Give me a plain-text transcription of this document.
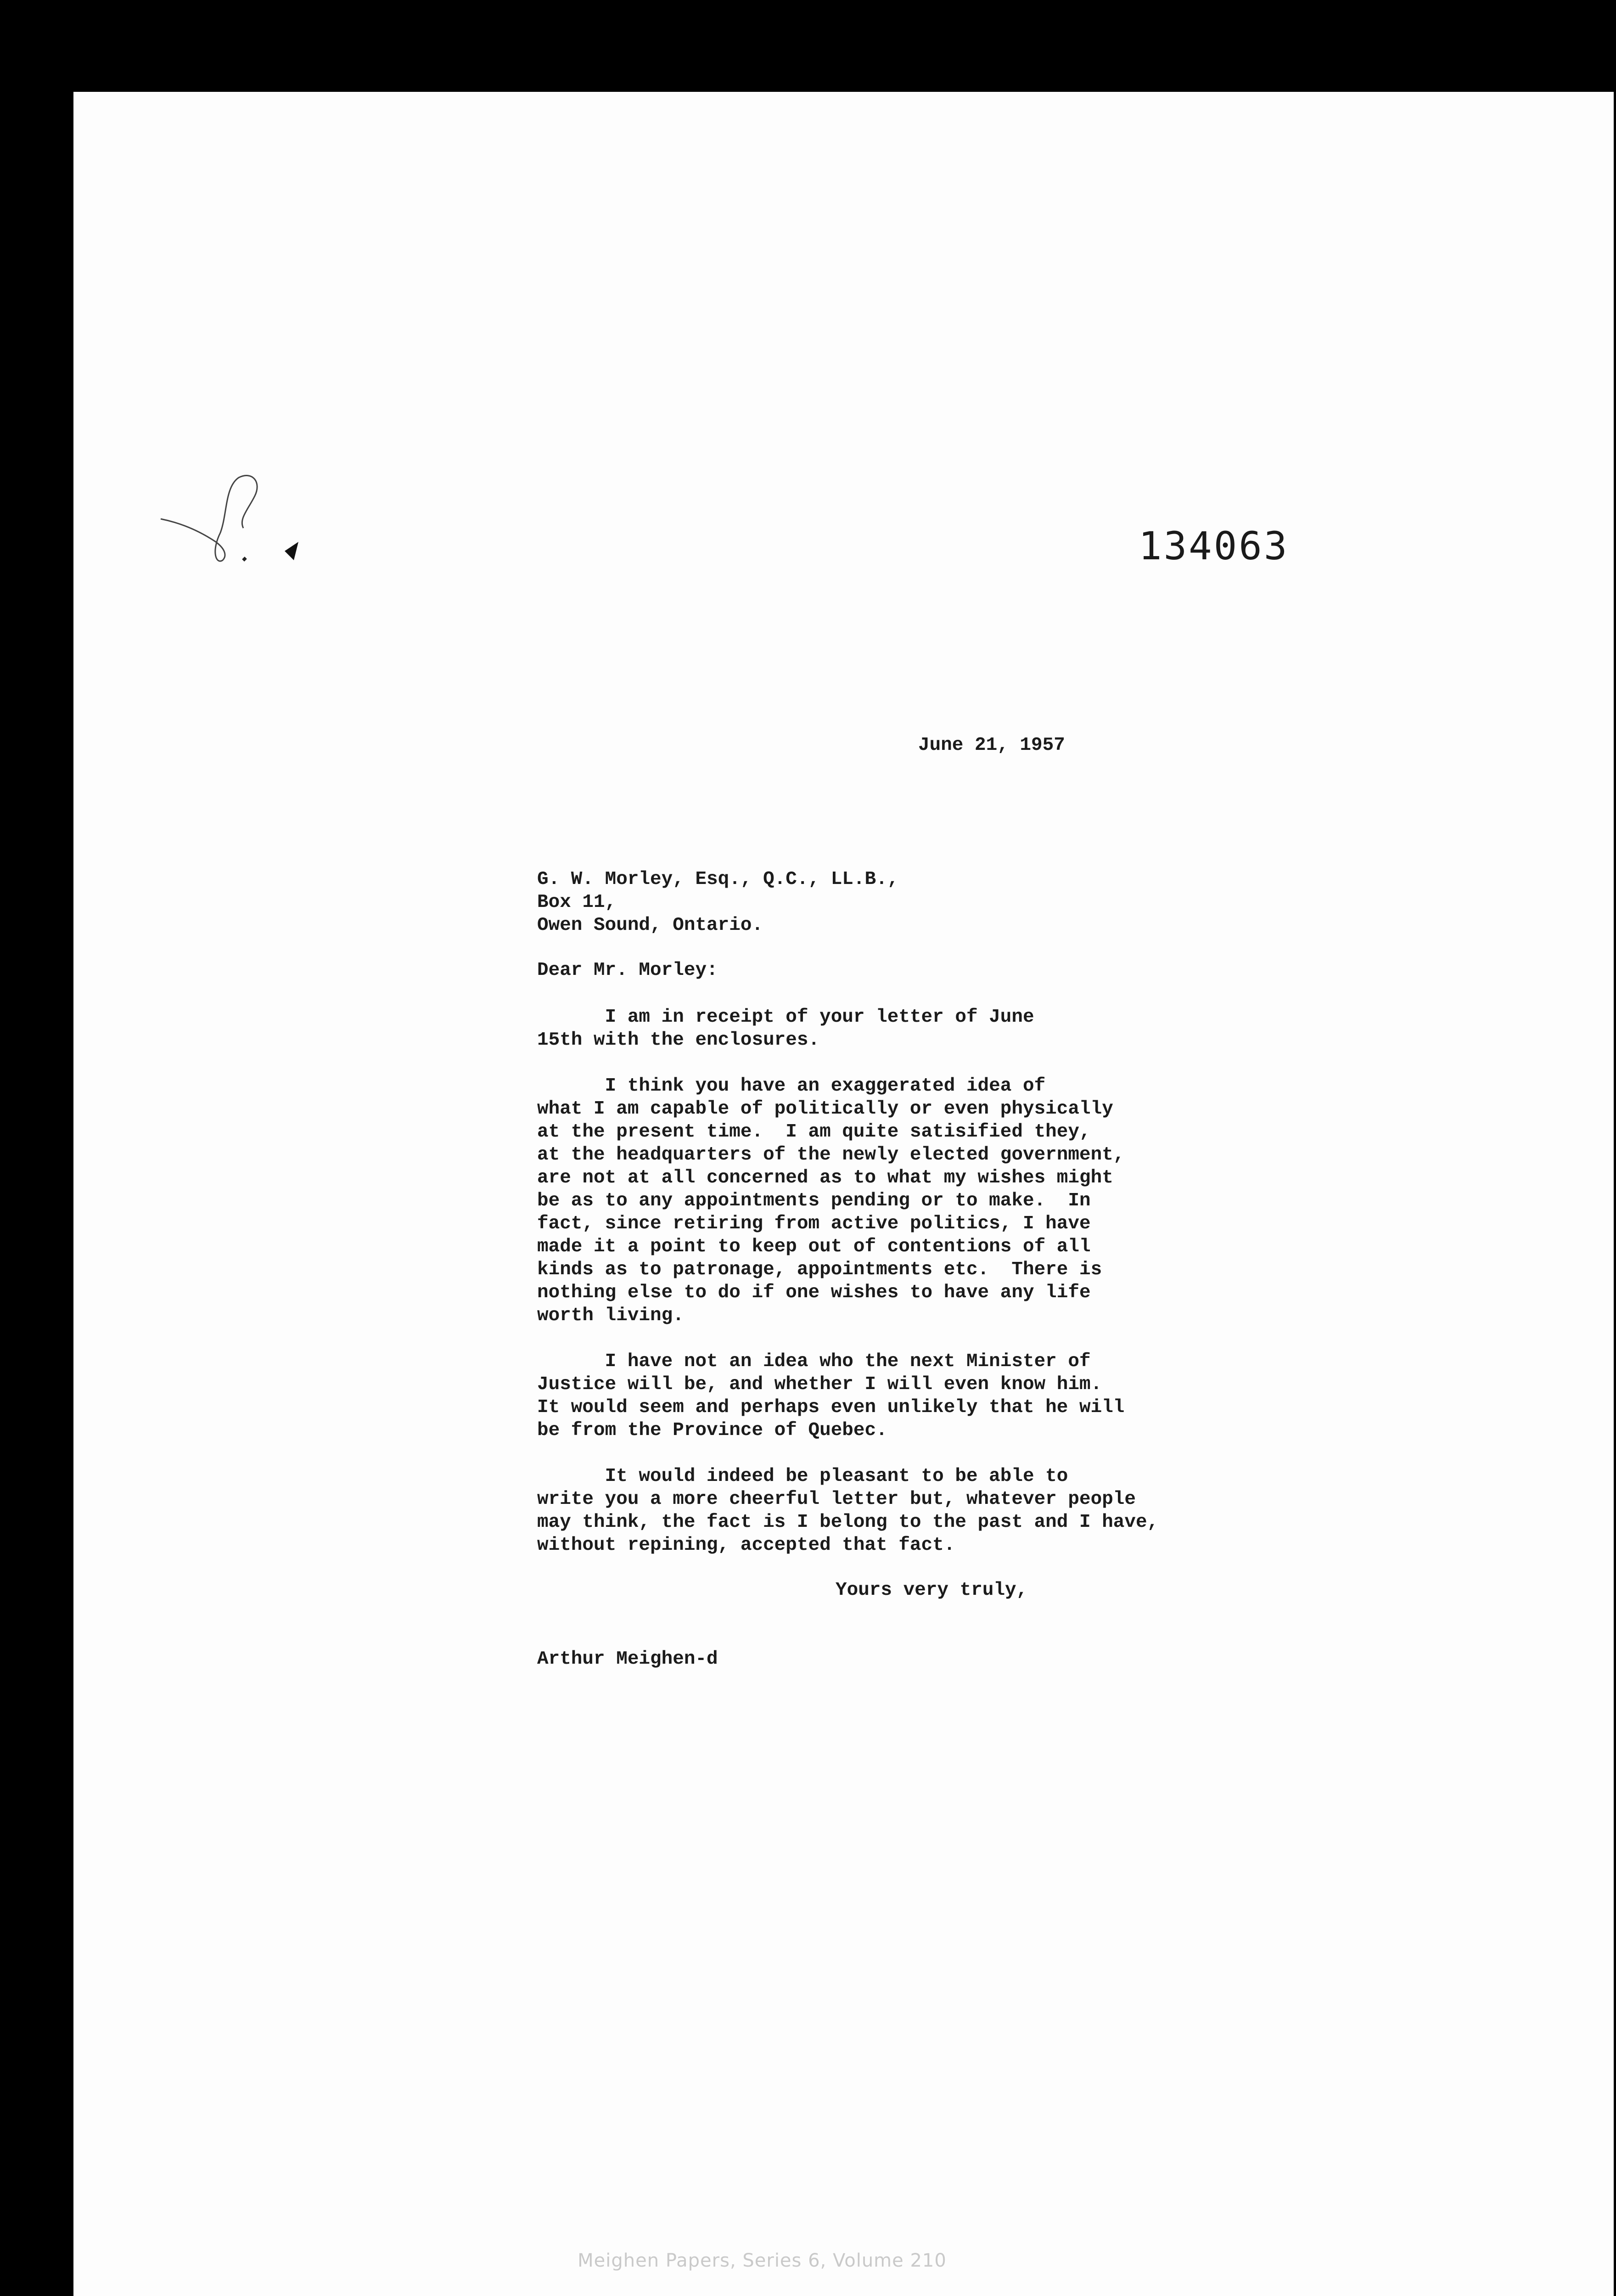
134063
June 21, 1957
G. W. Morley, Esq., Q.C., LL.B.,
Box 11,
Owen Sound, Ontario.
Dear Mr. Morley:
I am in receipt of your letter of June
15th with the enclosures.
I think you have an exaggerated idea of
what I am capable of politically or even physically
at the present time.  I am quite satisified they,
at the headquarters of the newly elected government,
are not at all concerned as to what my wishes might
be as to any appointments pending or to make.  In
fact, since retiring from active politics, I have
made it a point to keep out of contentions of all
kinds as to patronage, appointments etc.  There is
nothing else to do if one wishes to have any life
worth living.
I have not an idea who the next Minister of
Justice will be, and whether I will even know him.
It would seem and perhaps even unlikely that he will
be from the Province of Quebec.
It would indeed be pleasant to be able to
write you a more cheerful letter but, whatever people
may think, the fact is I belong to the past and I have,
without repining, accepted that fact.
Yours very truly,
Arthur Meighen-d
Meighen Papers, Series 6, Volume 210
